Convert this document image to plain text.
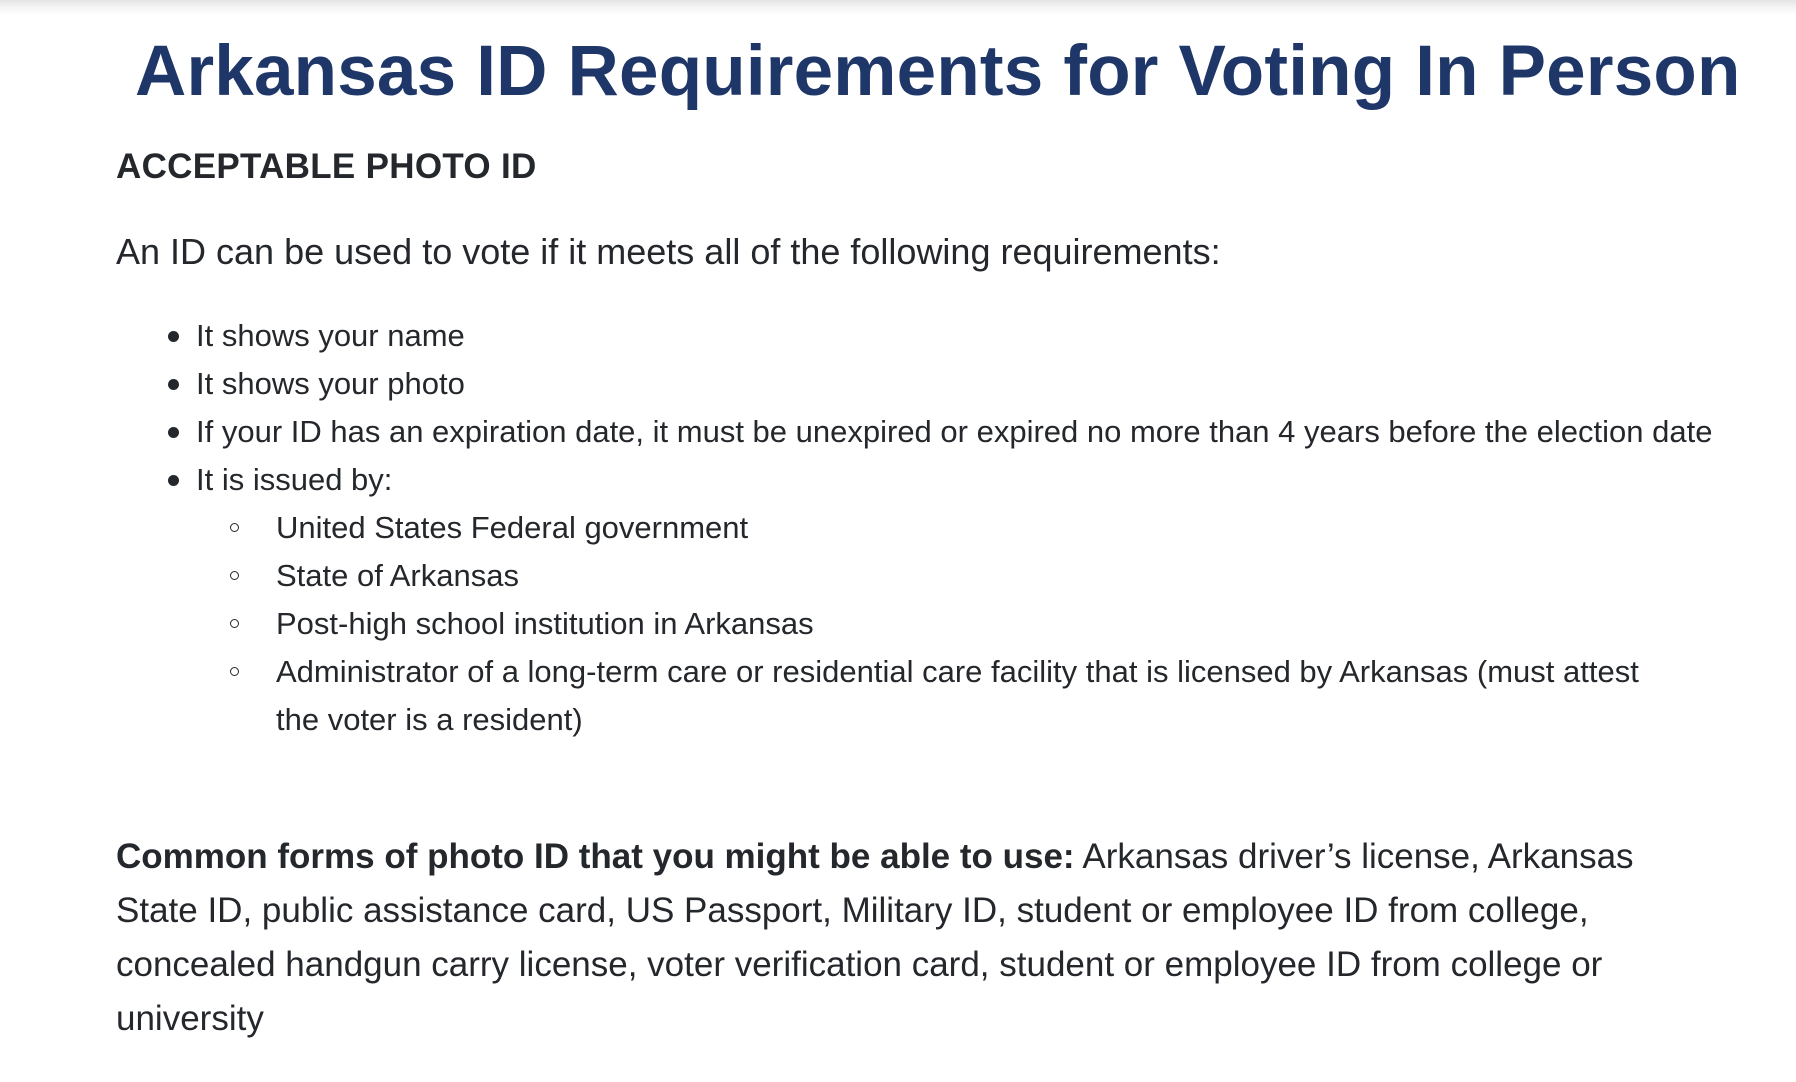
Arkansas ID Requirements for Voting In Person
ACCEPTABLE PHOTO ID

An ID can be used to vote if it meets all of the following requirements:

It shows your name
It shows your photo
If your ID has an expiration date, it must be unexpired or expired no more than 4 years before the election date
It is issued by:
United States Federal government
State of Arkansas
Post-high school institution in Arkansas
Administrator of a long-term care or residential care facility that is licensed by Arkansas (must attest the voter is a resident)

Common forms of photo ID that you might be able to use: Arkansas driver’s license, Arkansas State ID, public assistance card, US Passport, Military ID, student or employee ID from college, concealed handgun carry license, voter verification card, student or employee ID from college or university
